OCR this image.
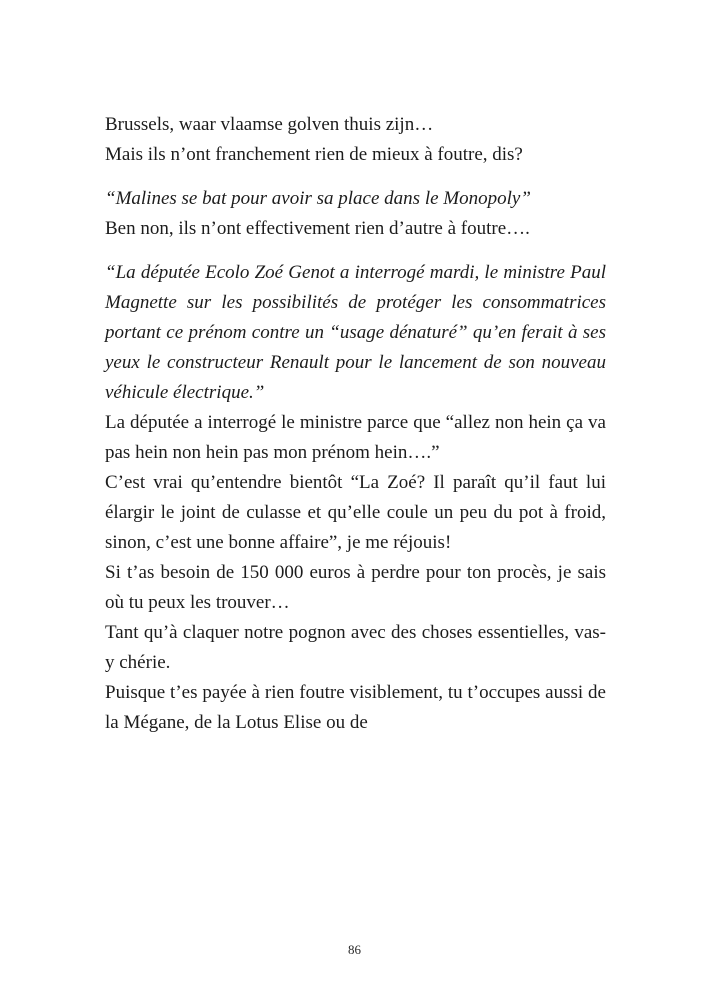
Brussels, waar vlaamse golven thuis zijn…

Mais ils n’ont franchement rien de mieux à foutre, dis?

“Malines se bat pour avoir sa place dans le Monopoly”

Ben non, ils n’ont effectivement rien d’autre à foutre….

“La députée Ecolo Zoé Genot a interrogé mardi, le ministre Paul Magnette sur les possibilités de protéger les consommatrices portant ce prénom contre un “usage dénaturé” qu’en ferait à ses yeux le constructeur Renault pour le lancement de son nouveau véhicule électrique.”

La députée a interrogé le ministre parce que “allez non hein ça va pas hein non hein pas mon prénom hein….”

C’est vrai qu’entendre bientôt “La Zoé? Il paraît qu’il faut lui élargir le joint de culasse et qu’elle coule un peu du pot à froid, sinon, c’est une bonne affaire”, je me réjouis!

Si t’as besoin de 150 000 euros à perdre pour ton procès, je sais où tu peux les trouver…

Tant qu’à claquer notre pognon avec des choses essentielles, vas-y chérie.

Puisque t’es payée à rien foutre visiblement, tu t’occupes aussi de la Mégane, de la Lotus Elise ou de

86
